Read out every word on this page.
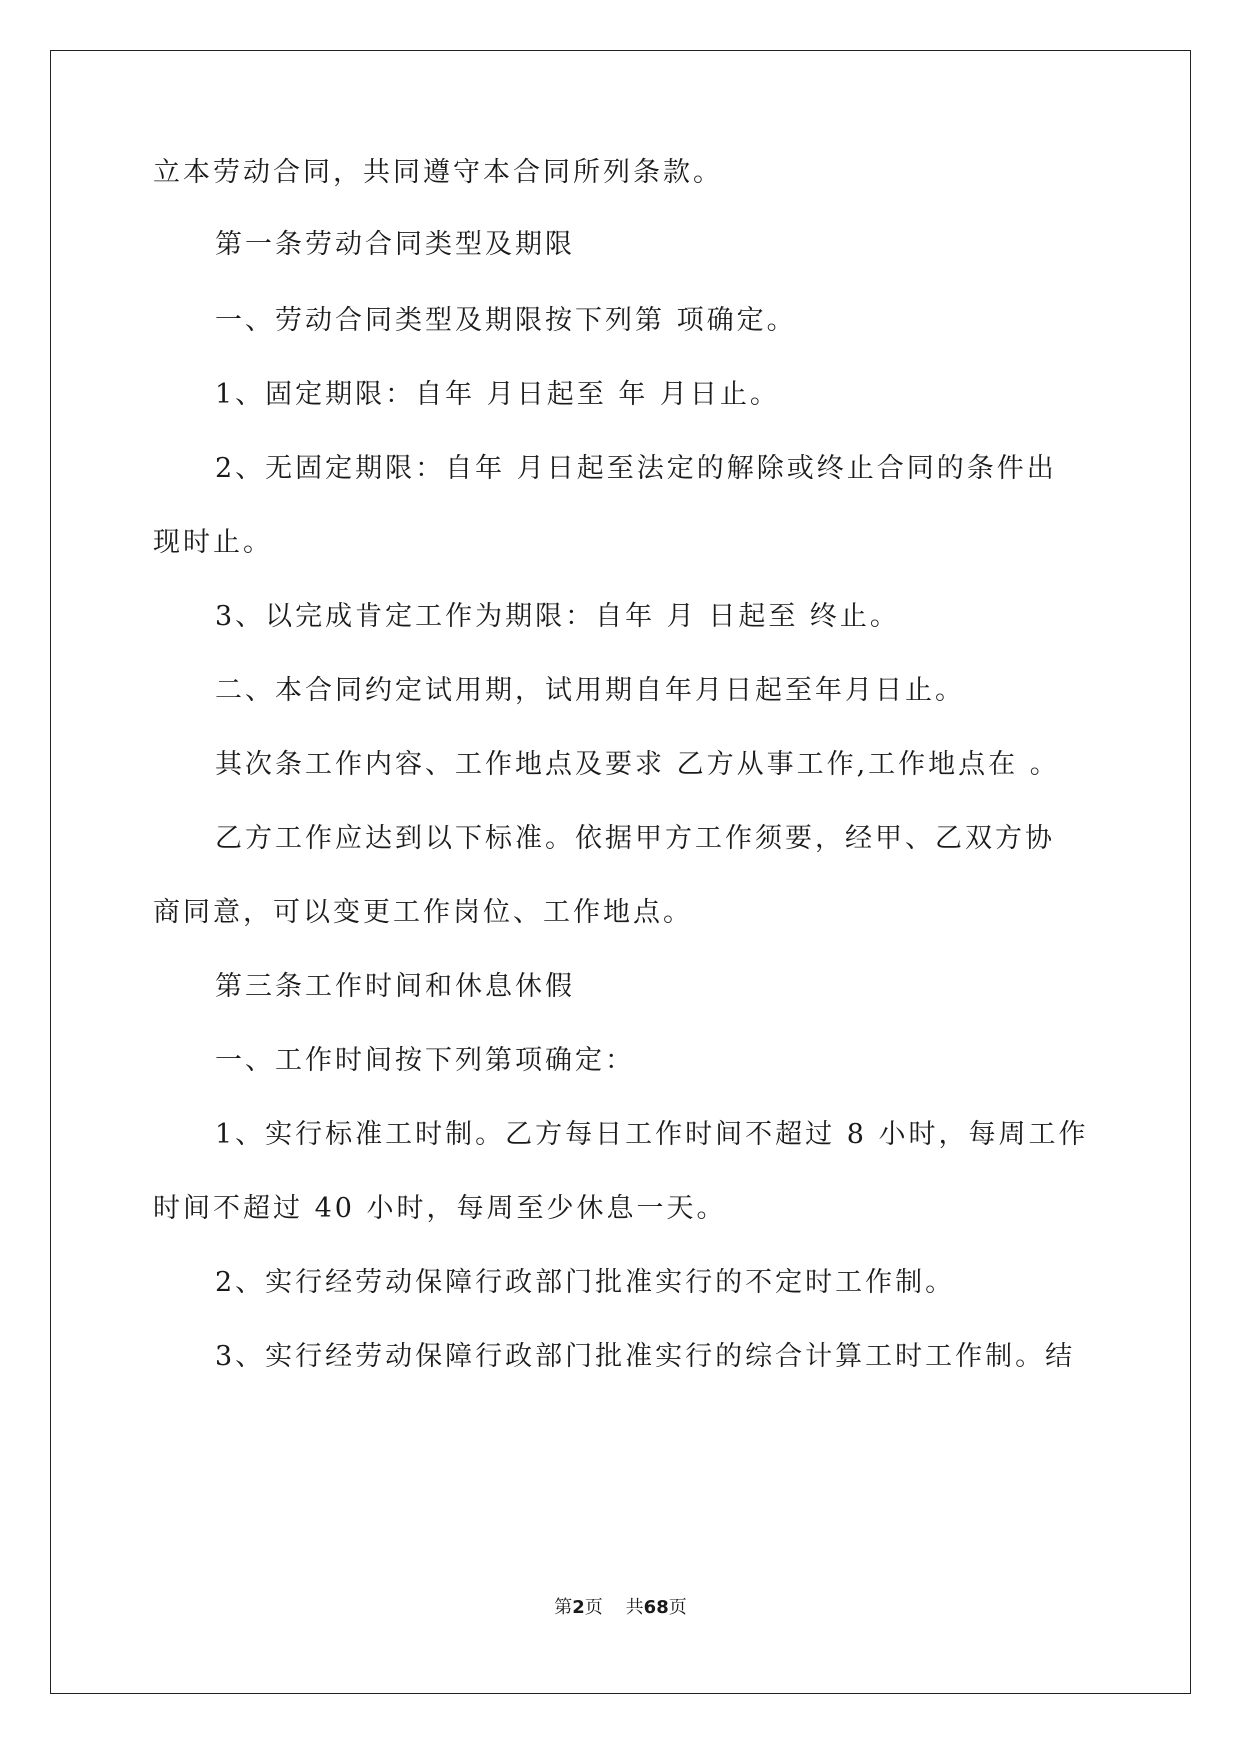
立本劳动合同，共同遵守本合同所列条款。
第一条劳动合同类型及期限
一、劳动合同类型及期限按下列第 项确定。
1、固定期限：自年 月日起至 年 月日止。
2、无固定期限：自年 月日起至法定的解除或终止合同的条件出
现时止。
3、以完成肯定工作为期限：自年 月 日起至 终止。
二、本合同约定试用期，试用期自年月日起至年月日止。
其次条工作内容、工作地点及要求 乙方从事工作,工作地点在 。
乙方工作应达到以下标准。依据甲方工作须要，经甲、乙双方协
商同意，可以变更工作岗位、工作地点。
第三条工作时间和休息休假
一、工作时间按下列第项确定：
1、实行标准工时制。乙方每日工作时间不超过 8 小时，每周工作
时间不超过 40 小时，每周至少休息一天。
2、实行经劳动保障行政部门批准实行的不定时工作制。
3、实行经劳动保障行政部门批准实行的综合计算工时工作制。结
第2页 共68页
